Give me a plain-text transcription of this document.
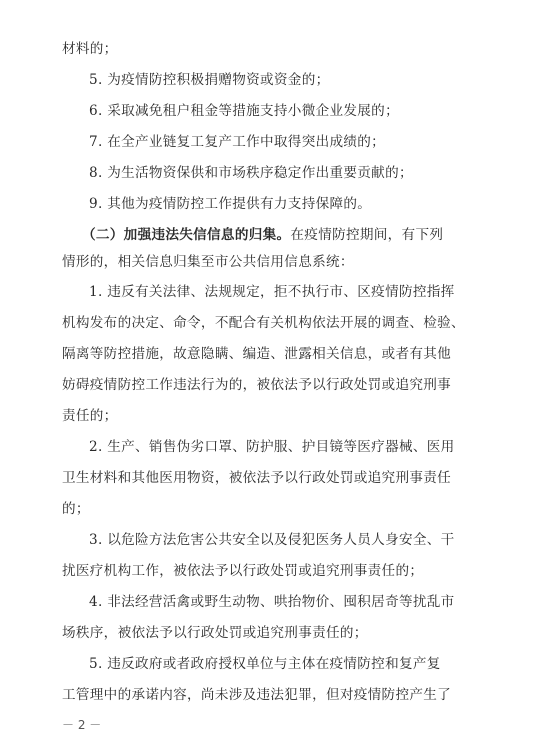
材料的；
5. 为疫情防控积极捐赠物资或资金的；
6. 采取减免租户租金等措施支持小微企业发展的；
7. 在全产业链复工复产工作中取得突出成绩的；
8. 为生活物资保供和市场秩序稳定作出重要贡献的；
9. 其他为疫情防控工作提供有力支持保障的。
（二）加强违法失信信息的归集。在疫情防控期间，有下列
情形的，相关信息归集至市公共信用信息系统：
1. 违反有关法律、法规规定，拒不执行市、区疫情防控指挥
机构发布的决定、命令，不配合有关机构依法开展的调查、检验、
隔离等防控措施，故意隐瞒、编造、泄露相关信息，或者有其他
妨碍疫情防控工作违法行为的，被依法予以行政处罚或追究刑事
责任的；
2. 生产、销售伪劣口罩、防护服、护目镜等医疗器械、医用
卫生材料和其他医用物资，被依法予以行政处罚或追究刑事责任
的；
3. 以危险方法危害公共安全以及侵犯医务人员人身安全、干
扰医疗机构工作，被依法予以行政处罚或追究刑事责任的；
4. 非法经营活禽或野生动物、哄抬物价、囤积居奇等扰乱市
场秩序，被依法予以行政处罚或追究刑事责任的；
5. 违反政府或者政府授权单位与主体在疫情防控和复产复
工管理中的承诺内容，尚未涉及违法犯罪，但对疫情防控产生了
－ 2 －
